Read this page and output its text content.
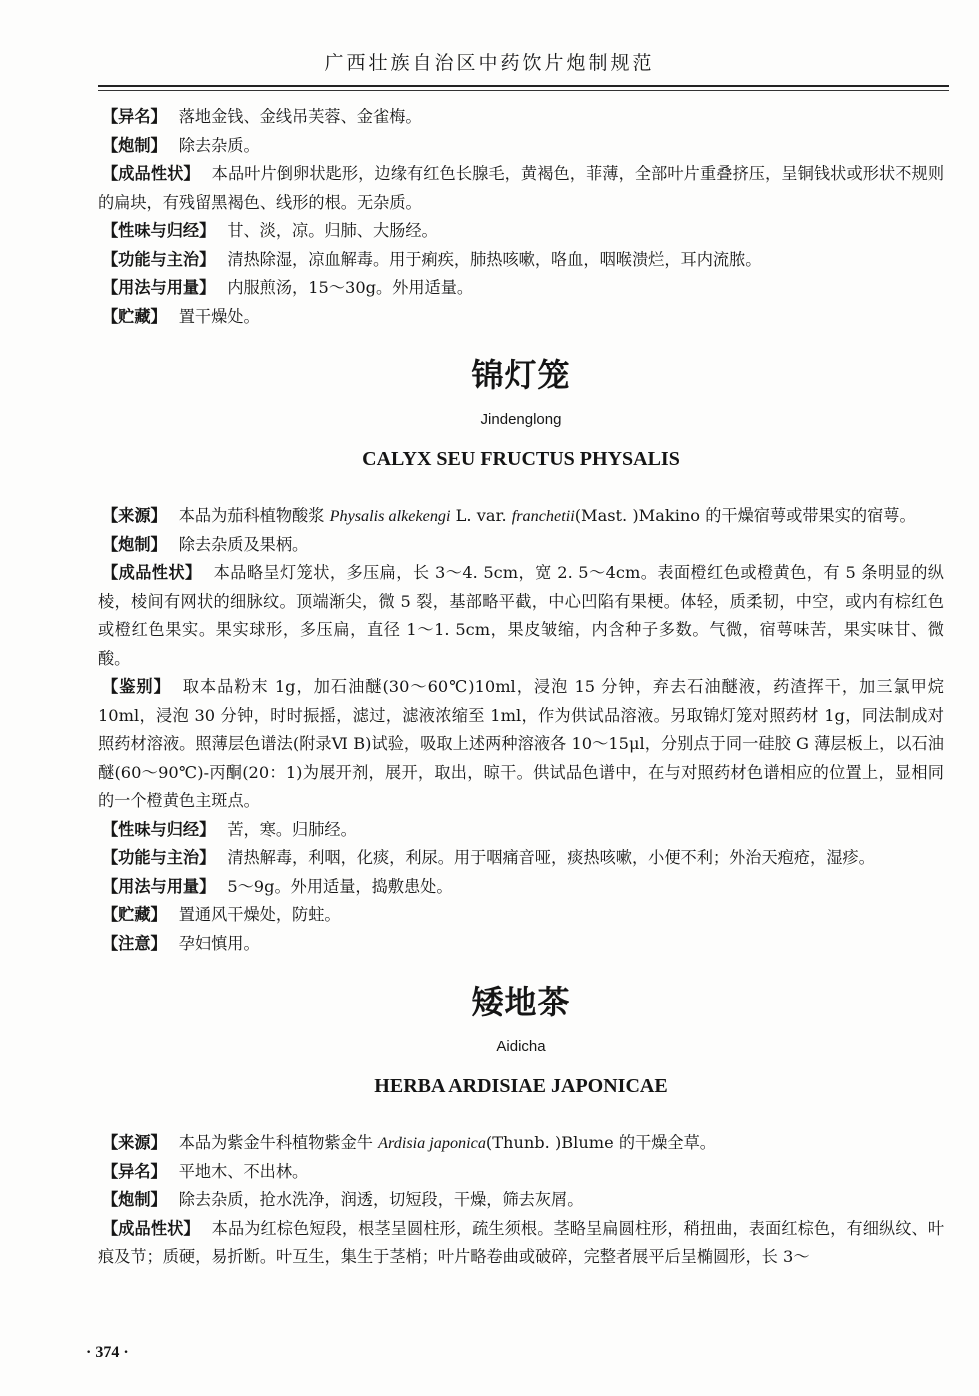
广西壮族自治区中药饮片炮制规范

【异名】 落地金钱、金线吊芙蓉、金雀梅。

【炮制】 除去杂质。

【成品性状】 本品叶片倒卵状匙形，边缘有红色长腺毛，黄褐色，菲薄，全部叶片重叠挤压，呈铜钱状或形状不规则的扁块，有残留黑褐色、线形的根。无杂质。

【性味与归经】 甘、淡，凉。归肺、大肠经。

【功能与主治】 清热除湿，凉血解毒。用于痢疾，肺热咳嗽，咯血，咽喉溃烂，耳内流脓。

【用法与用量】 内服煎汤，15～30g。外用适量。

【贮藏】 置干燥处。

锦灯笼
Jindenglong
CALYX SEU FRUCTUS PHYSALIS

【来源】 本品为茄科植物酸浆 Physalis alkekengi L. var. franchetii(Mast. )Makino 的干燥宿萼或带果实的宿萼。

【炮制】 除去杂质及果柄。

【成品性状】 本品略呈灯笼状，多压扁，长 3～4. 5cm，宽 2. 5～4cm。表面橙红色或橙黄色，有 5 条明显的纵棱，棱间有网状的细脉纹。顶端渐尖，微 5 裂，基部略平截，中心凹陷有果梗。体轻，质柔韧，中空，或内有棕红色或橙红色果实。果实球形，多压扁，直径 1～1. 5cm，果皮皱缩，内含种子多数。气微，宿萼味苦，果实味甘、微酸。

【鉴别】 取本品粉末 1g，加石油醚(30～60℃)10ml，浸泡 15 分钟，弃去石油醚液，药渣挥干，加三氯甲烷 10ml，浸泡 30 分钟，时时振摇，滤过，滤液浓缩至 1ml，作为供试品溶液。另取锦灯笼对照药材 1g，同法制成对照药材溶液。照薄层色谱法(附录Ⅵ B)试验，吸取上述两种溶液各 10～15μl，分别点于同一硅胶 G 薄层板上，以石油醚(60～90℃)-丙酮(20：1)为展开剂，展开，取出，晾干。供试品色谱中，在与对照药材色谱相应的位置上，显相同的一个橙黄色主斑点。

【性味与归经】 苦，寒。归肺经。

【功能与主治】 清热解毒，利咽，化痰，利尿。用于咽痛音哑，痰热咳嗽，小便不利；外治天疱疮，湿疹。

【用法与用量】 5～9g。外用适量，捣敷患处。

【贮藏】 置通风干燥处，防蛀。

【注意】 孕妇慎用。

矮地茶
Aidicha
HERBA ARDISIAE JAPONICAE

【来源】 本品为紫金牛科植物紫金牛 Ardisia japonica(Thunb. )Blume 的干燥全草。

【异名】 平地木、不出林。

【炮制】 除去杂质，抢水洗净，润透，切短段，干燥，筛去灰屑。

【成品性状】 本品为红棕色短段，根茎呈圆柱形，疏生须根。茎略呈扁圆柱形，稍扭曲，表面红棕色，有细纵纹、叶痕及节；质硬，易折断。叶互生，集生于茎梢；叶片略卷曲或破碎，完整者展平后呈椭圆形，长 3～

· 374 ·
